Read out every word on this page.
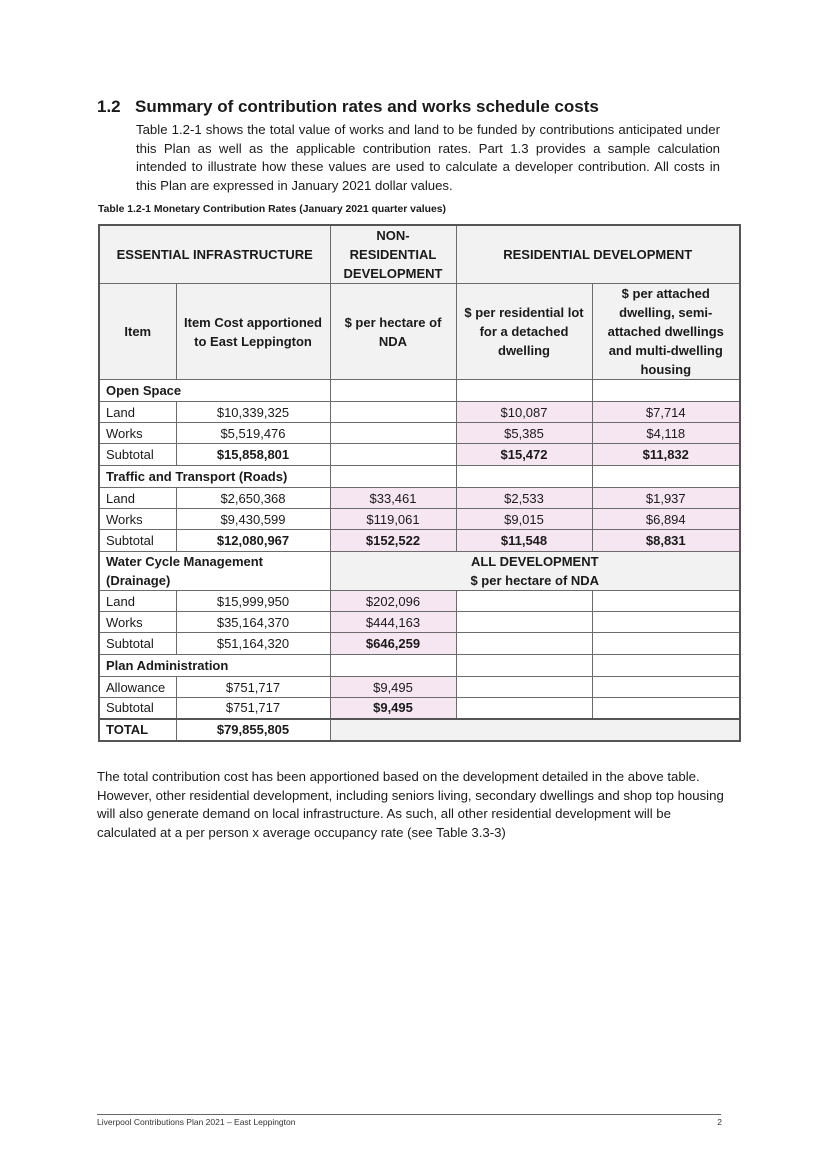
1.2 Summary of contribution rates and works schedule costs
Table 1.2-1 shows the total value of works and land to be funded by contributions anticipated under this Plan as well as the applicable contribution rates. Part 1.3 provides a sample calculation intended to illustrate how these values are used to calculate a developer contribution. All costs in this Plan are expressed in January 2021 dollar values.
Table 1.2-1 Monetary Contribution Rates (January 2021 quarter values)
ESSENTIAL INFRASTRUCTURE		NON-RESIDENTIAL DEVELOPMENT	RESIDENTIAL DEVELOPMENT	
Item	Item Cost apportioned to East Leppington	$ per hectare of NDA	$ per residential lot for a detached dwelling	$ per attached dwelling, semi-attached dwellings and multi-dwelling housing
Open Space				
Land	$10,339,325		$10,087	$7,714
Works	$5,519,476		$5,385	$4,118
Subtotal	$15,858,801		$15,472	$11,832
Traffic and Transport (Roads)				
Land	$2,650,368	$33,461	$2,533	$1,937
Works	$9,430,599	$119,061	$9,015	$6,894
Subtotal	$12,080,967	$152,522	$11,548	$8,831
Water Cycle Management (Drainage)		ALL DEVELOPMENT
$ per hectare of NDA		

Land	$15,999,950	$202,096		
Works	$35,164,370	$444,163		
Subtotal	$51,164,320	$646,259		
Plan Administration				
Allowance	$751,717	$9,495		
Subtotal	$751,717	$9,495		
TOTAL	$79,855,805			
The total contribution cost has been apportioned based on the development detailed in the above table. However, other residential development, including seniors living, secondary dwellings and shop top housing will also generate demand on local infrastructure. As such, all other residential development will be calculated at a per person x average occupancy rate (see Table 3.3-3)
Liverpool Contributions Plan 2021 – East Leppington	2
